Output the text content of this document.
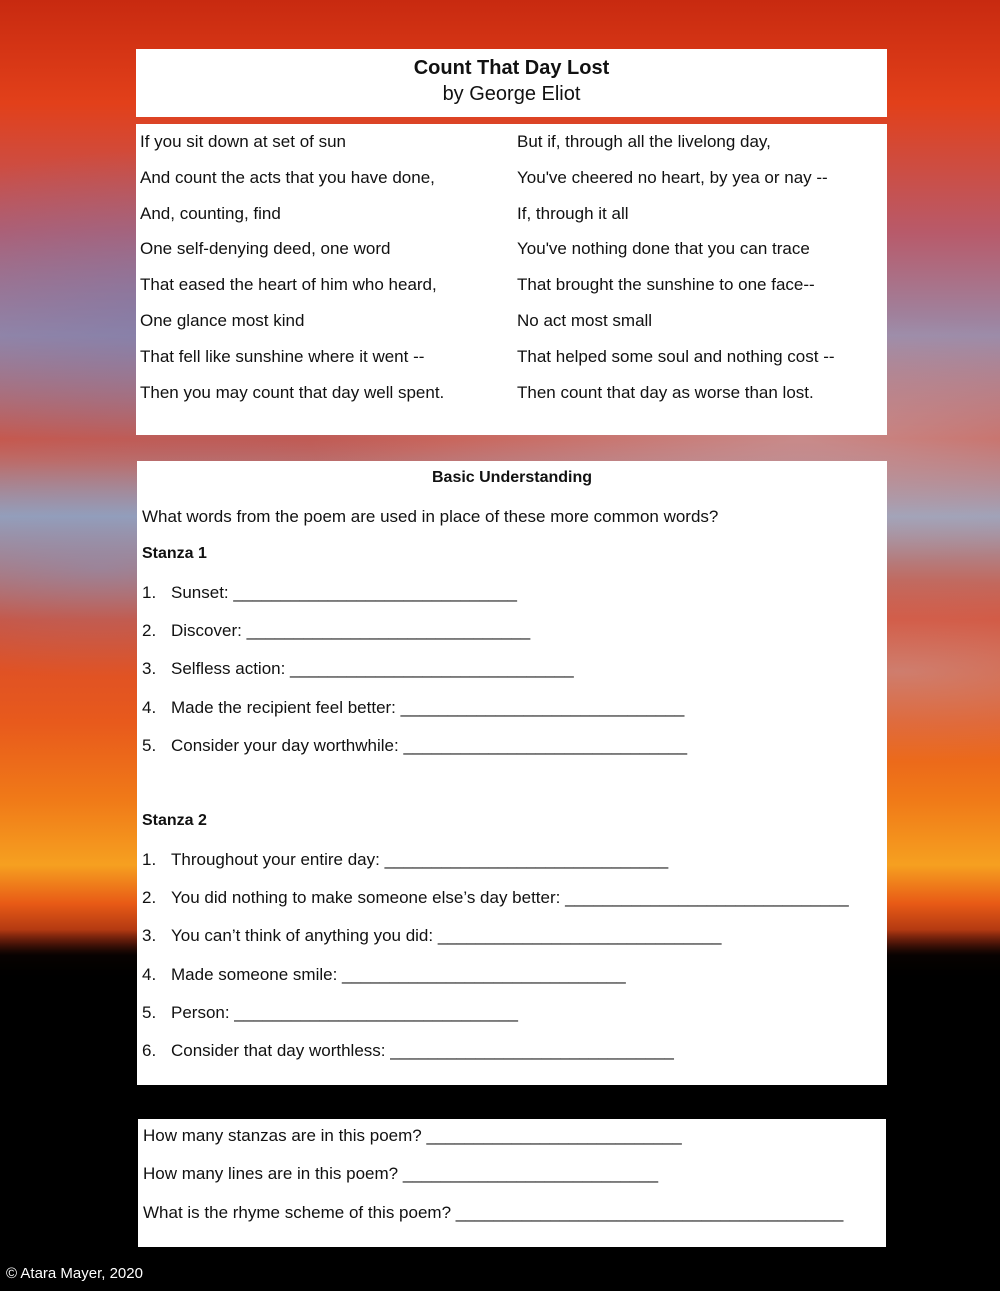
Count That Day Lost
by George Eliot
If you sit down at set of sun
And count the acts that you have done,
And, counting, find
One self-denying deed, one word
That eased the heart of him who heard,
One glance most kind
That fell like sunshine where it went --
Then you may count that day well spent.
But if, through all the livelong day,
You've cheered no heart, by yea or nay --
If, through it all
You've nothing done that you can trace
That brought the sunshine to one face--
No act most small
That helped some soul and nothing cost --
Then count that day as worse than lost.
Basic Understanding
What words from the poem are used in place of these more common words?
Stanza 1
1. Sunset: ______________________________
2. Discover: ______________________________
3. Selfless action: ______________________________
4. Made the recipient feel better: ______________________________
5. Consider your day worthwhile: ______________________________
Stanza 2
1. Throughout your entire day: ______________________________
2. You did nothing to make someone else’s day better: ______________________________
3. You can’t think of anything you did: ______________________________
4. Made someone smile: ______________________________
5. Person: ______________________________
6. Consider that day worthless: ______________________________
How many stanzas are in this poem? ___________________________
How many lines are in this poem? ___________________________
What is the rhyme scheme of this poem? _________________________________________
© Atara Mayer, 2020
